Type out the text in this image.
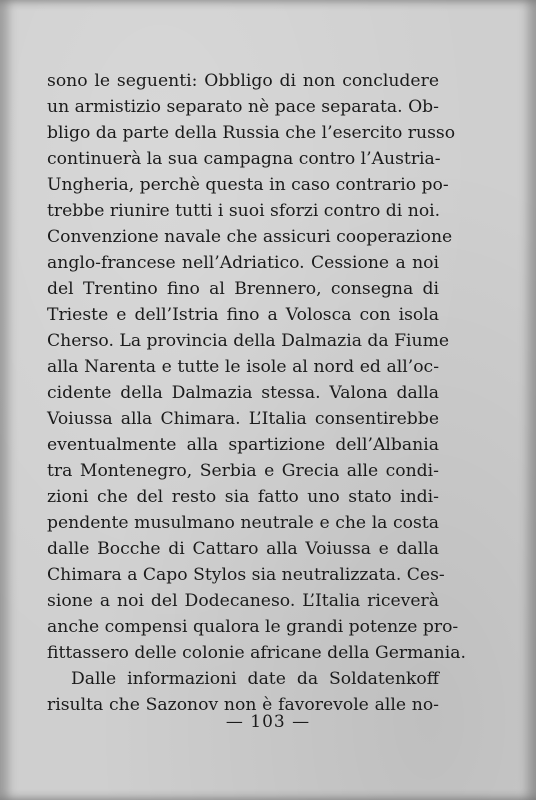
sono le seguenti: Obbligo di non concludere
un armistizio separato nè pace separata. Ob-
bligo da parte della Russia che l’esercito russo
continuerà la sua campagna contro l’Austria-
Ungheria, perchè questa in caso contrario po-
trebbe riunire tutti i suoi sforzi contro di noi.
Convenzione navale che assicuri cooperazione
anglo-francese nell’Adriatico. Cessione a noi
del Trentino fino al Brennero, consegna di
Trieste e dell’Istria fino a Volosca con isola
Cherso. La provincia della Dalmazia da Fiume
alla Narenta e tutte le isole al nord ed all’oc-
cidente della Dalmazia stessa. Valona dalla
Voiussa alla Chimara. L’Italia consentirebbe
eventualmente alla spartizione dell’Albania
tra Montenegro, Serbia e Grecia alle condi-
zioni che del resto sia fatto uno stato indi-
pendente musulmano neutrale e che la costa
dalle Bocche di Cattaro alla Voiussa e dalla
Chimara a Capo Stylos sia neutralizzata. Ces-
sione a noi del Dodecaneso. L’Italia riceverà
anche compensi qualora le grandi potenze pro-
fittassero delle colonie africane della Germania.
Dalle informazioni date da Soldatenkoff
risulta che Sazonov non è favorevole alle no-
— 103 —
